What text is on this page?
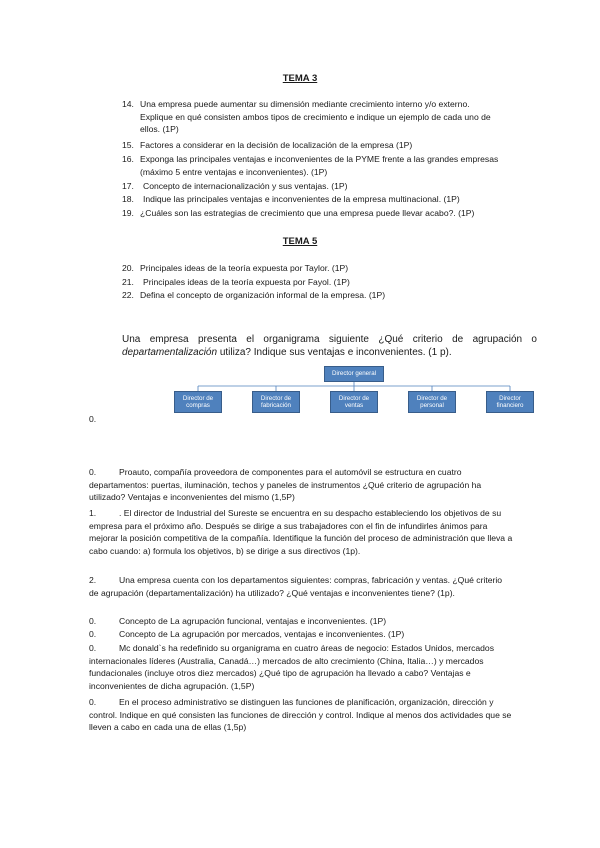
TEMA 3
14. Una empresa puede aumentar su dimensión mediante crecimiento interno y/o externo. Explique en qué consisten ambos tipos de crecimiento e indique un ejemplo de cada uno de ellos. (1P)
15. Factores a considerar en la decisión de localización de la empresa (1P)
16. Exponga las principales ventajas e inconvenientes de la PYME frente a las grandes empresas (máximo 5 entre ventajas e inconvenientes). (1P)
17.	Concepto de internacionalización y sus ventajas. (1P)
18.	Indique las principales ventajas e inconvenientes de la empresa multinacional. (1P)
19. ¿Cuáles son las estrategias de crecimiento que una empresa puede llevar acabo?. (1P)
TEMA 5
20. Principales ideas de la teoría expuesta por Taylor. (1P)
21.	Principales ideas de la teoría expuesta por Fayol. (1P)
22. Defina el concepto de organización informal de la empresa. (1P)
Una empresa presenta el organigrama siguiente ¿Qué criterio de agrupación o departamentalización utiliza? Indique sus ventajas e inconvenientes. (1 p).
Director general
Director de compras
Director de fabricación
Director de ventas
Director de personal
Director financiero
0.
0.	Proauto, compañía proveedora de componentes para el automóvil se estructura en cuatro departamentos: puertas, iluminación, techos y paneles de instrumentos ¿Qué criterio de agrupación ha utilizado? Ventajas e inconvenientes del mismo (1,5P)
1.	. El director de Industrial del Sureste se encuentra en su despacho estableciendo los objetivos de su empresa para el próximo año. Después se dirige a sus trabajadores con el fin de infundirles ánimos para mejorar la posición competitiva de la compañía. Identifique la función del proceso de administración que lleva a cabo cuando: a) formula los objetivos, b) se dirige a sus directivos (1p).
2.	Una empresa cuenta con los departamentos siguientes: compras, fabricación y ventas. ¿Qué criterio de agrupación (departamentalización) ha utilizado? ¿Qué ventajas e inconvenientes tiene? (1p).
0.	Concepto de La agrupación funcional, ventajas e inconvenientes. (1P)
0.	Concepto de La agrupación por mercados, ventajas e inconvenientes. (1P)
0.	Mc donald`s ha redefinido su organigrama en cuatro áreas de negocio: Estados Unidos, mercados internacionales líderes (Australia, Canadá…) mercados de alto crecimiento (China, Italia…) y mercados fundacionales (incluye otros diez mercados) ¿Qué tipo de agrupación ha llevado a cabo? Ventajas e inconvenientes de dicha agrupación. (1,5P)
0.	En el proceso administrativo se distinguen las funciones de planificación, organización, dirección y control. Indique en qué consisten las funciones de dirección y control. Indique al menos dos actividades que se lleven a cabo en cada una de ellas (1,5p)
